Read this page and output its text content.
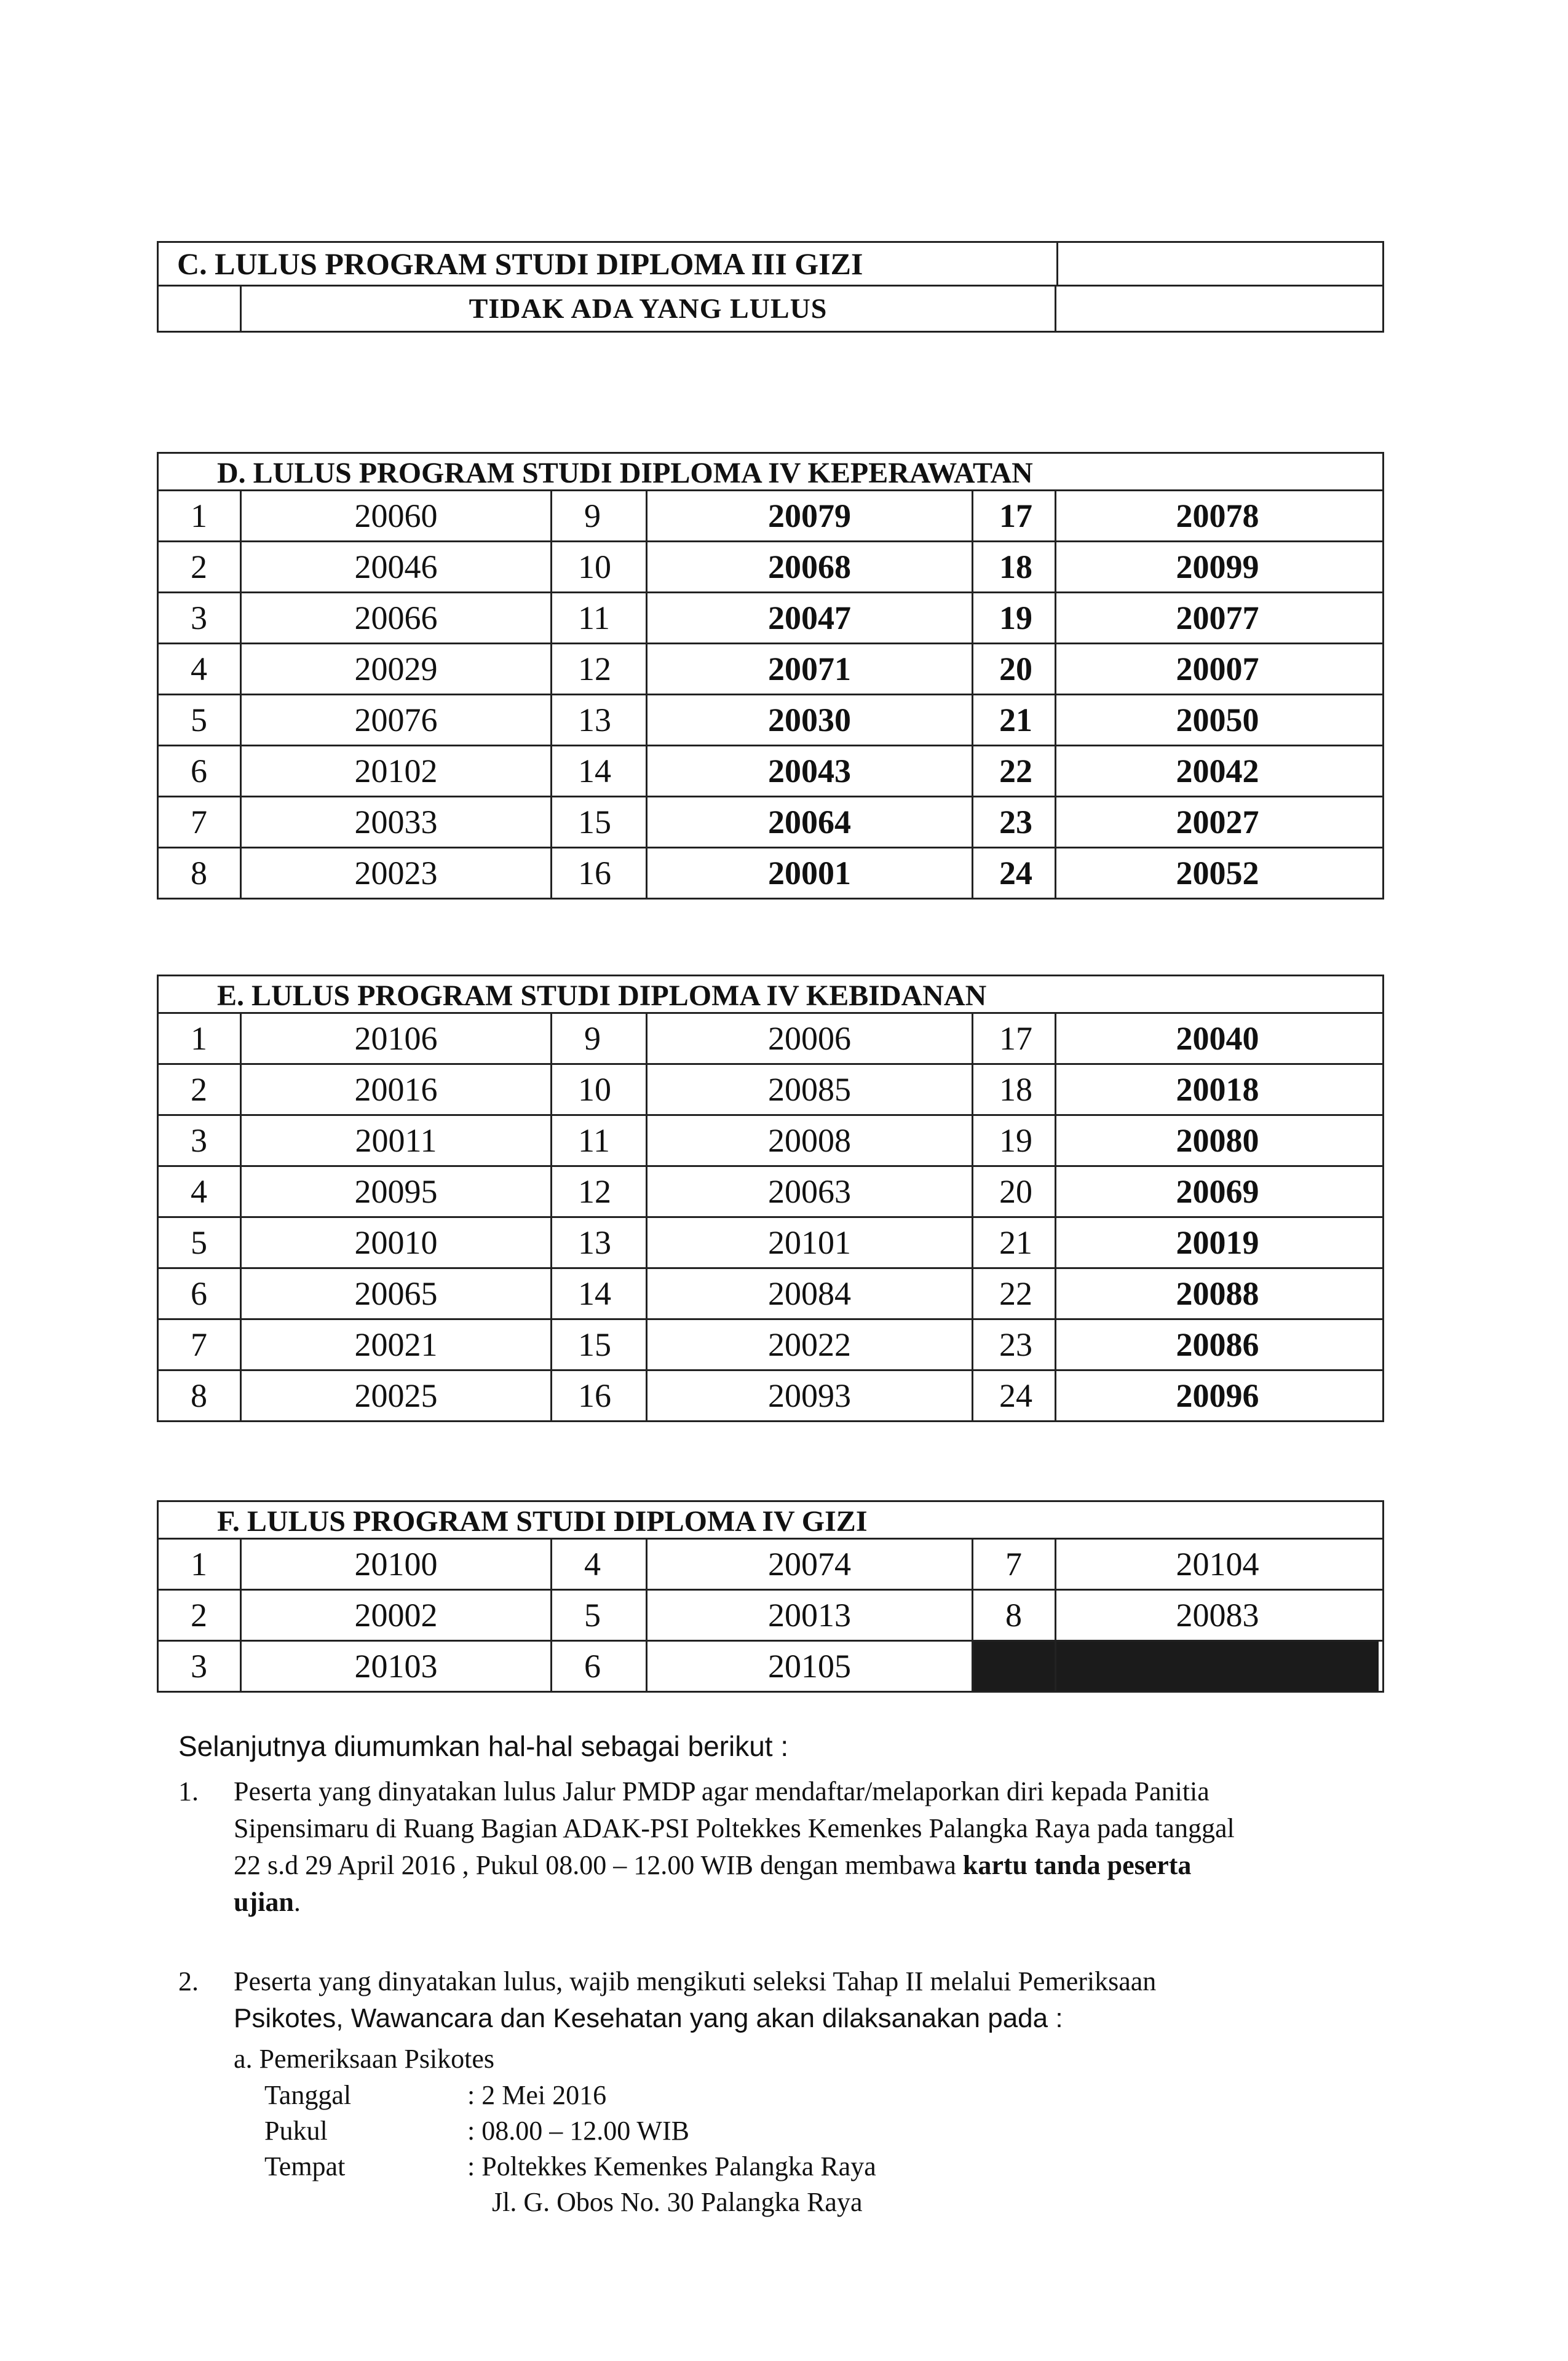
C. LULUS PROGRAM STUDI DIPLOMA III GIZI
TIDAK ADA YANG LULUS
D. LULUS PROGRAM STUDI DIPLOMA IV KEPERAWATAN
1	20060	9	20079	17	20078
2	20046	10	20068	18	20099
3	20066	11	20047	19	20077
4	20029	12	20071	20	20007
5	20076	13	20030	21	20050
6	20102	14	20043	22	20042
7	20033	15	20064	23	20027
8	20023	16	20001	24	20052
E. LULUS PROGRAM STUDI DIPLOMA IV KEBIDANAN
1	20106	9	20006	17	20040
2	20016	10	20085	18	20018
3	20011	11	20008	19	20080
4	20095	12	20063	20	20069
5	20010	13	20101	21	20019
6	20065	14	20084	22	20088
7	20021	15	20022	23	20086
8	20025	16	20093	24	20096
F. LULUS PROGRAM STUDI DIPLOMA IV GIZI
1	20100	4	20074	7	20104
2	20002	5	20013	8	20083
3	20103	6	20105
Selanjutnya diumumkan hal-hal sebagai berikut :
1. Peserta yang dinyatakan lulus Jalur PMDP agar mendaftar/melaporkan diri kepada Panitia
Sipensimaru di Ruang Bagian ADAK-PSI Poltekkes Kemenkes Palangka Raya pada tanggal
22 s.d 29 April 2016 , Pukul 08.00 – 12.00 WIB dengan membawa kartu tanda peserta
ujian.

2. Peserta yang dinyatakan lulus, wajib mengikuti seleksi Tahap II melalui Pemeriksaan
Psikotes, Wawancara dan Kesehatan yang akan dilaksanakan pada :

a. Pemeriksaan Psikotes
Tanggal	: 2 Mei 2016
Pukul	: 08.00 – 12.00 WIB
Tempat	: Poltekkes Kemenkes Palangka Raya
Jl. G. Obos No. 30 Palangka Raya
